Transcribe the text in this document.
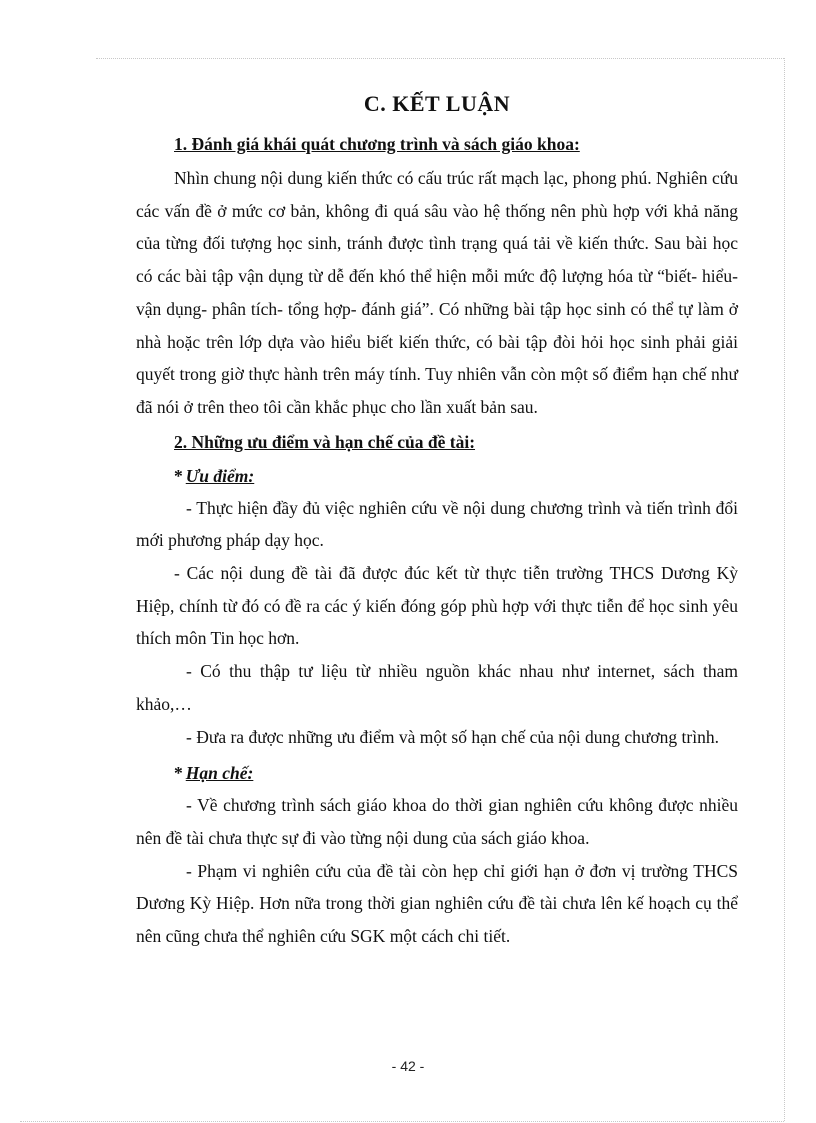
C. KẾT LUẬN
1. Đánh giá khái quát chương trình và sách giáo khoa:

Nhìn chung nội dung kiến thức có cấu trúc rất mạch lạc, phong phú. Nghiên cứu các vấn đề ở mức cơ bản, không đi quá sâu vào hệ thống nên phù hợp với khả năng của từng đối tượng học sinh, tránh được tình trạng quá tải về kiến thức. Sau bài học có các bài tập vận dụng từ dễ đến khó thể hiện mỗi mức độ lượng hóa từ “biết- hiểu- vận dụng- phân tích- tổng hợp- đánh giá”. Có những bài tập học sinh có thể tự làm ở nhà hoặc trên lớp dựa vào hiểu biết kiến thức, có bài tập đòi hỏi học sinh phải giải quyết trong giờ thực hành trên máy tính. Tuy nhiên vẫn còn một số điểm hạn chế như đã nói ở trên theo tôi cần khắc phục cho lần xuất bản sau.

2. Những ưu điểm và hạn chế của đề tài:
* Ưu điểm:

- Thực hiện đầy đủ việc nghiên cứu về nội dung chương trình và tiến trình đổi mới phương pháp dạy học.

- Các nội dung đề tài đã được đúc kết từ thực tiễn trường THCS Dương Kỳ Hiệp, chính từ đó có đề ra các ý kiến đóng góp phù hợp với thực tiễn để học sinh yêu thích môn Tin học hơn.

- Có thu thập tư liệu từ nhiều nguồn khác nhau như internet, sách tham khảo,…

- Đưa ra được những ưu điểm và một số hạn chế của nội dung chương trình.

* Hạn chế:

- Về chương trình sách giáo khoa do thời gian nghiên cứu không được nhiều nên đề tài chưa thực sự đi vào từng nội dung của sách giáo khoa.

- Phạm vi nghiên cứu của đề tài còn hẹp chỉ giới hạn ở đơn vị trường THCS Dương Kỳ Hiệp. Hơn nữa trong thời gian nghiên cứu đề tài chưa lên kế hoạch cụ thể nên cũng chưa thể nghiên cứu SGK một cách chi tiết.

- 42 -
